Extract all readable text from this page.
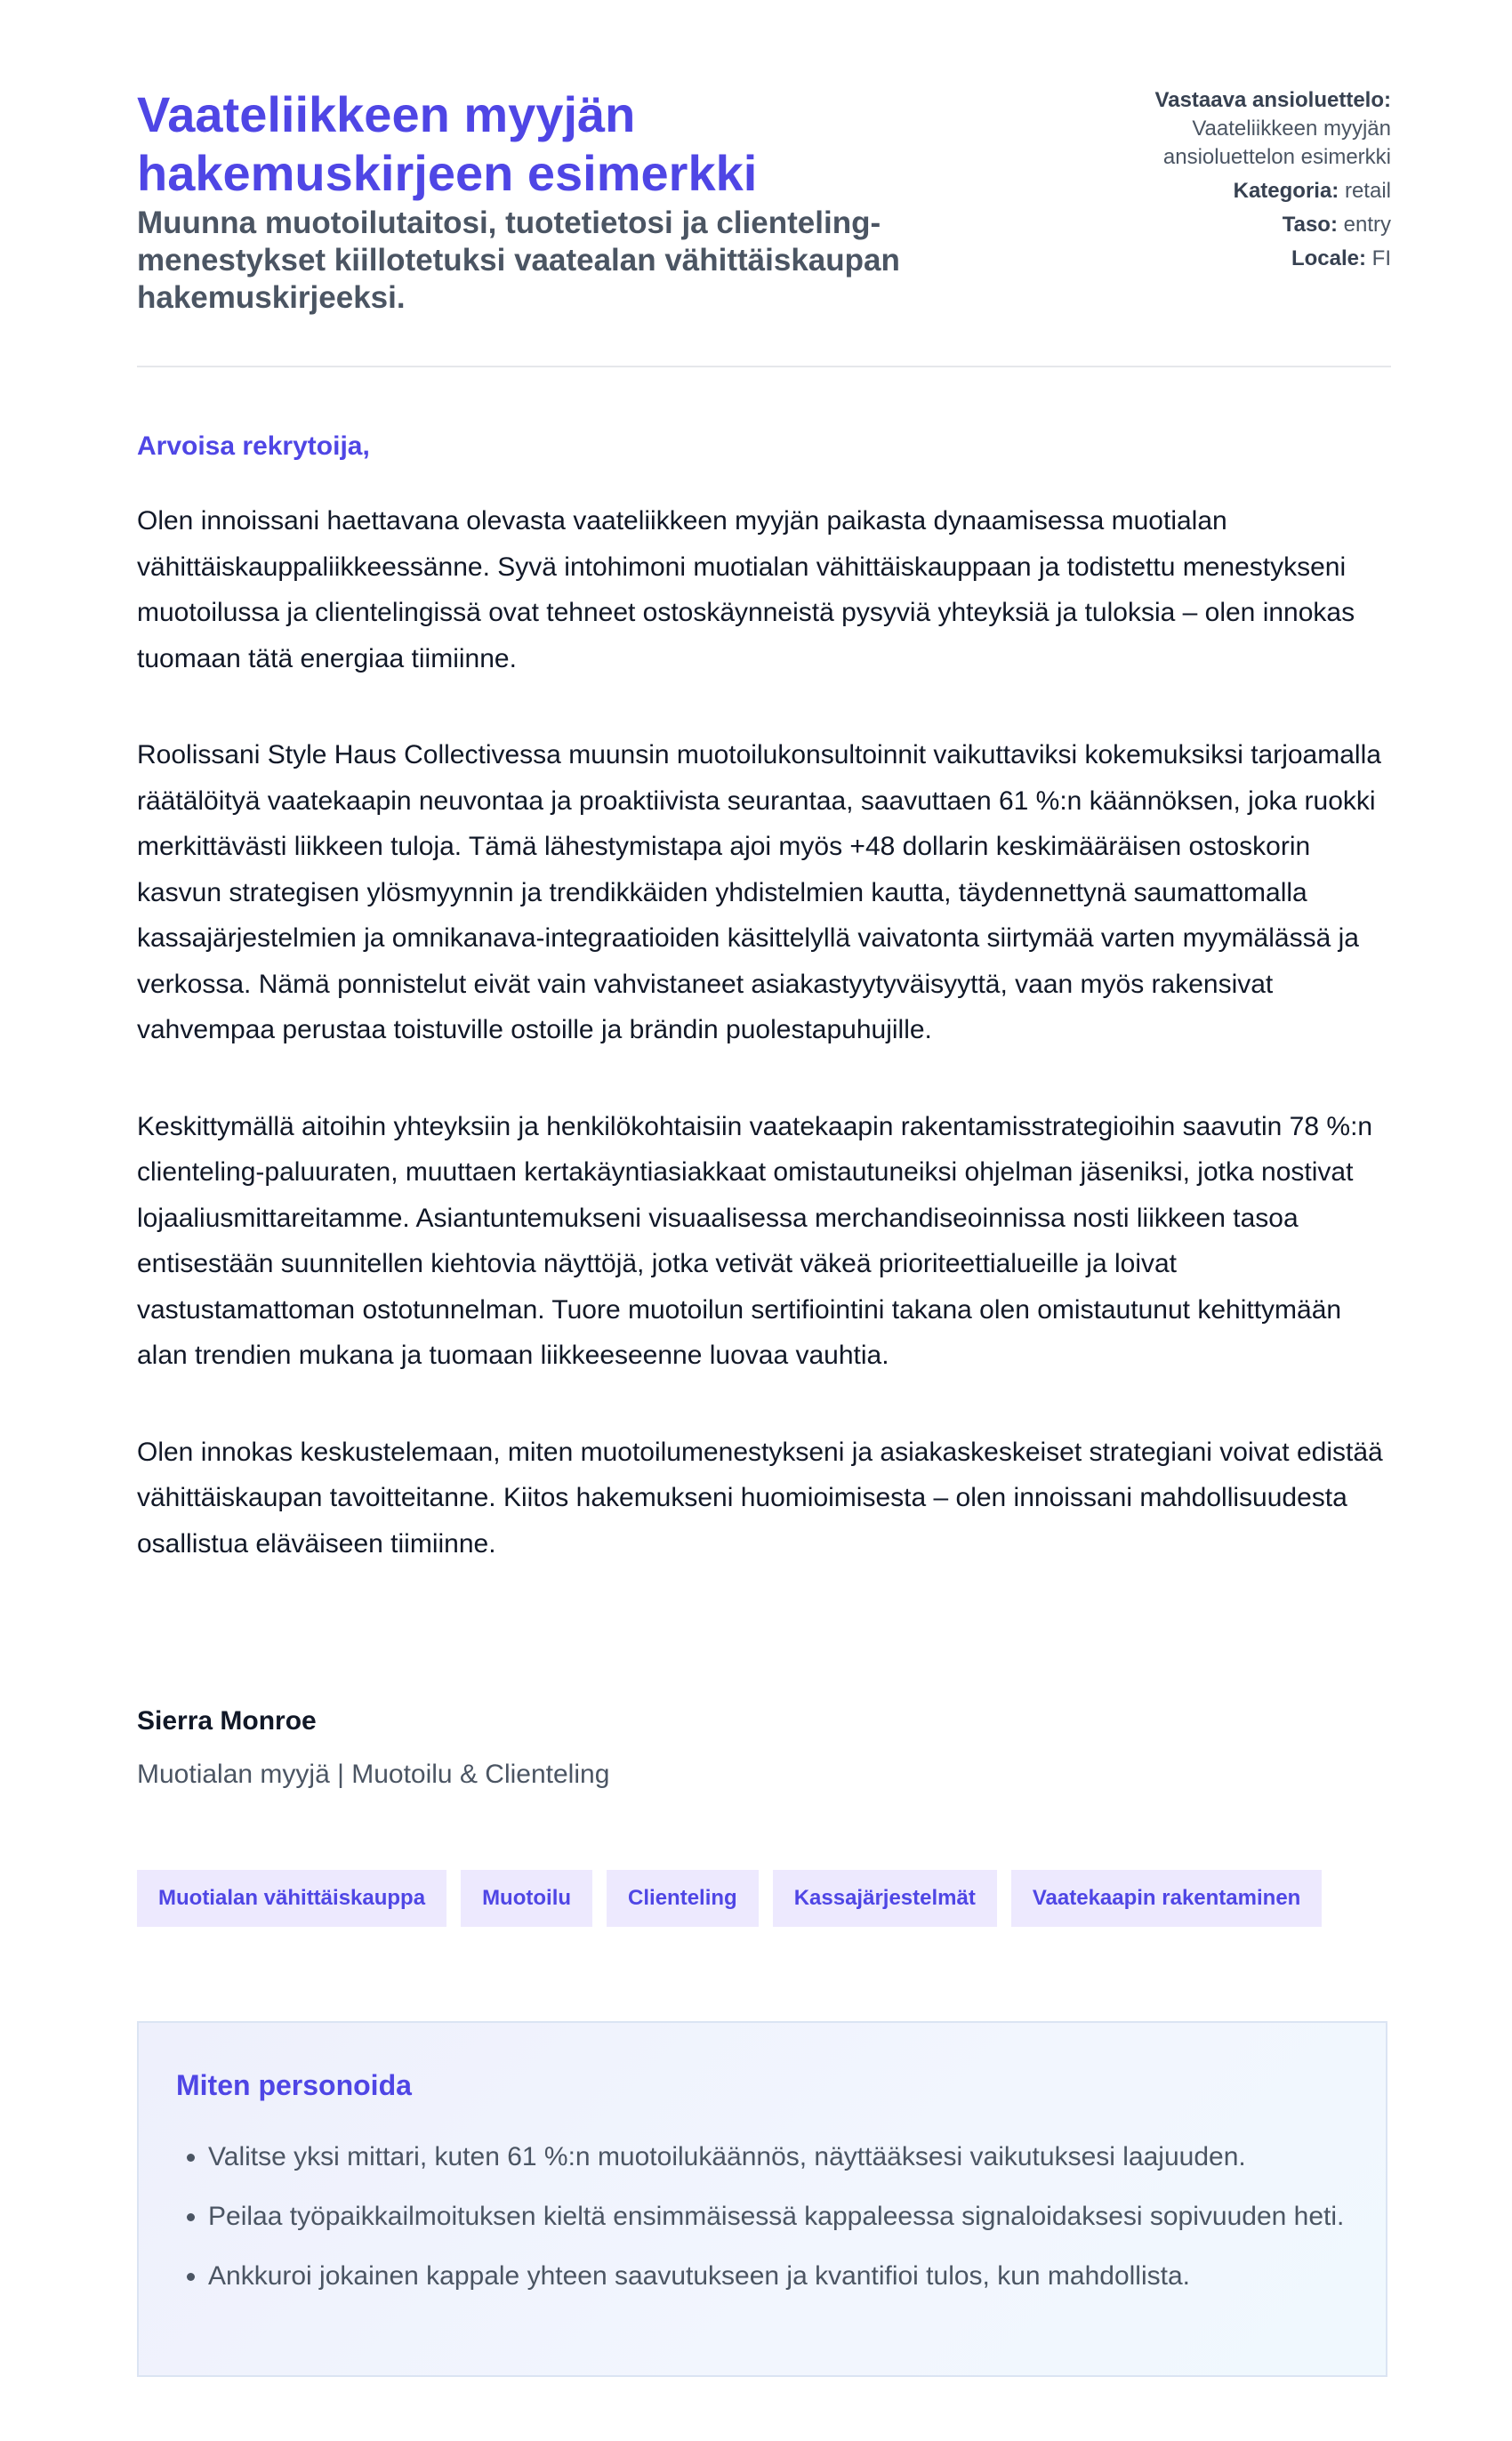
Vaateliikkeen myyjän hakemuskirjeen esimerkki

Muunna muotoilutaitosi, tuotetietosi ja clienteling-menestykset kiillotetuksi vaatealan vähittäiskaupan hakemuskirjeeksi.

Vastaava ansioluettelo:
Vaateliikkeen myyjän ansioluettelon esimerkki
Kategoria: retail
Taso: entry
Locale: FI
Arvoisa rekrytoija,

Olen innoissani haettavana olevasta vaateliikkeen myyjän paikasta dynaamisessa muotialan vähittäiskauppaliikkeessänne. Syvä intohimoni muotialan vähittäiskauppaan ja todistettu menestykseni muotoilussa ja clientelingissä ovat tehneet ostoskäynneistä pysyviä yhteyksiä ja tuloksia – olen innokas tuomaan tätä energiaa tiimiinne.

Roolissani Style Haus Collectivessa muunsin muotoilukonsultoinnit vaikuttaviksi kokemuksiksi tarjoamalla räätälöityä vaatekaapin neuvontaa ja proaktiivista seurantaa, saavuttaen 61 %:n käännöksen, joka ruokki merkittävästi liikkeen tuloja. Tämä lähestymistapa ajoi myös +48 dollarin keskimääräisen ostoskorin kasvun strategisen ylösmyynnin ja trendikkäiden yhdistelmien kautta, täydennettynä saumattomalla kassajärjestelmien ja omnikanava-integraatioiden käsittelyllä vaivatonta siirtymää varten myymälässä ja verkossa. Nämä ponnistelut eivät vain vahvistaneet asiakastyytyväisyyttä, vaan myös rakensivat vahvempaa perustaa toistuville ostoille ja brändin puolestapuhujille.

Keskittymällä aitoihin yhteyksiin ja henkilökohtaisiin vaatekaapin rakentamisstrategioihin saavutin 78 %:n clienteling-paluuraten, muuttaen kertakäyntiasiakkaat omistautuneiksi ohjelman jäseniksi, jotka nostivat lojaaliusmittareitamme. Asiantuntemukseni visuaalisessa merchandiseoinnissa nosti liikkeen tasoa entisestään suunnitellen kiehtovia näyttöjä, jotka vetivät väkeä prioriteettialueille ja loivat vastustamattoman ostotunnelman. Tuore muotoilun sertifiointini takana olen omistautunut kehittymään alan trendien mukana ja tuomaan liikkeeseenne luovaa vauhtia.

Olen innokas keskustelemaan, miten muotoilumenestykseni ja asiakaskeskeiset strategiani voivat edistää vähittäiskaupan tavoitteitanne. Kiitos hakemukseni huomioimisesta – olen innoissani mahdollisuudesta osallistua eläväiseen tiimiinne.

Sierra Monroe
Muotialan myyjä | Muotoilu & Clienteling
Muotialan vähittäiskauppa	Muotoilu	Clienteling	Kassajärjestelmät	Vaatekaapin rakentaminen
Miten personoida
• Valitse yksi mittari, kuten 61 %:n muotoilukäännös, näyttääksesi vaikutuksesi laajuuden.
• Peilaa työpaikkailmoituksen kieltä ensimmäisessä kappaleessa signaloidaksesi sopivuuden heti.
• Ankkuroi jokainen kappale yhteen saavutukseen ja kvantifioi tulos, kun mahdollista.
